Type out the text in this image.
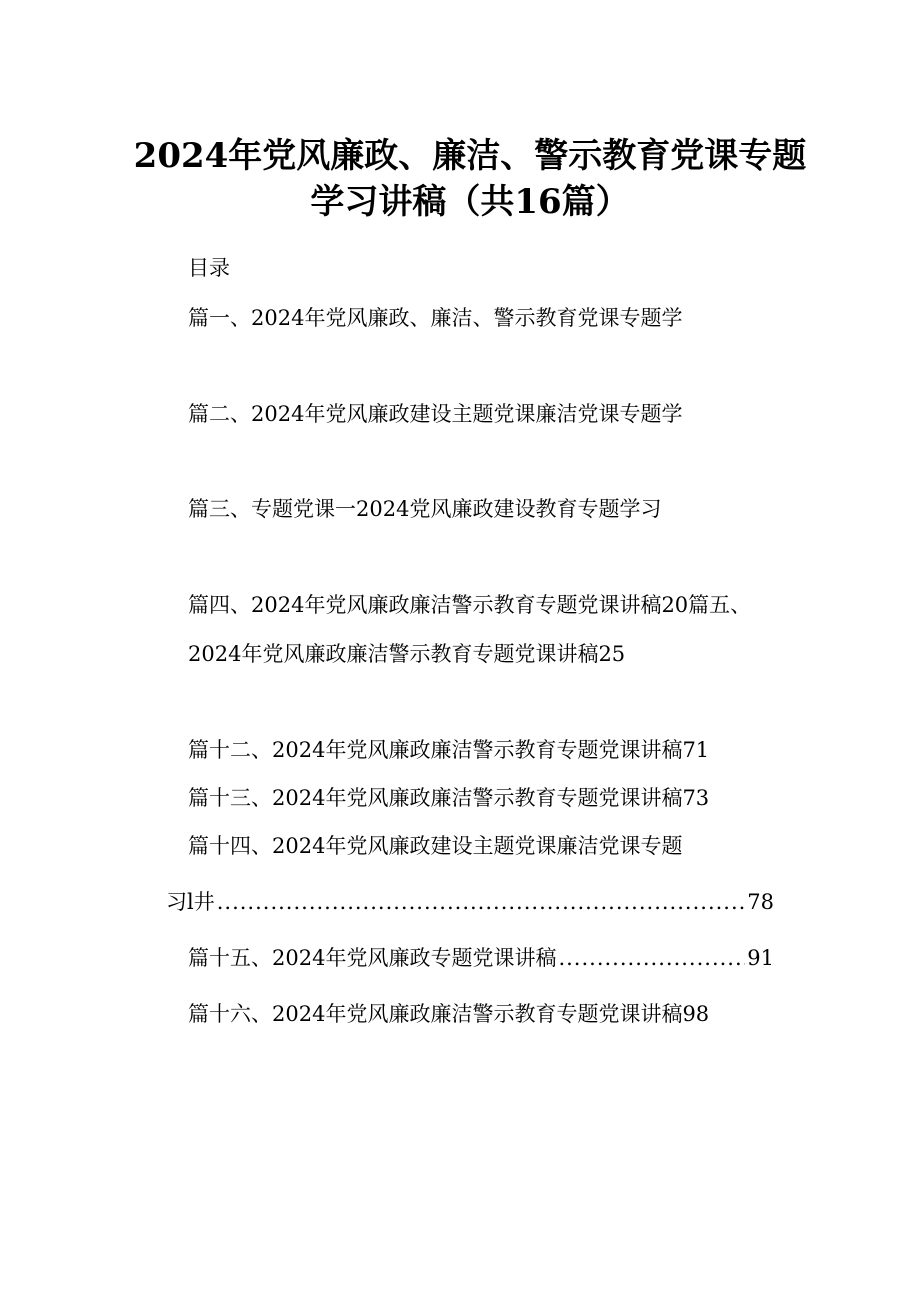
2024年党风廉政、廉洁、警示教育党课专题
学习讲稿（共16篇）
目录
篇一、2024年党风廉政、廉洁、警示教育党课专题学
篇二、2024年党风廉政建设主题党课廉洁党课专题学
篇三、专题党课一2024党风廉政建设教育专题学习
篇四、2024年党风廉政廉洁警示教育专题党课讲稿20篇五、
2024年党风廉政廉洁警示教育专题党课讲稿25
篇十二、2024年党风廉政廉洁警示教育专题党课讲稿71
篇十三、2024年党风廉政廉洁警示教育专题党课讲稿73
篇十四、2024年党风廉政建设主题党课廉洁党课专题
习l井 .....	78
篇十五、2024年党风廉政专题党课讲稿 .....	91
篇十六、2024年党风廉政廉洁警示教育专题党课讲稿98
